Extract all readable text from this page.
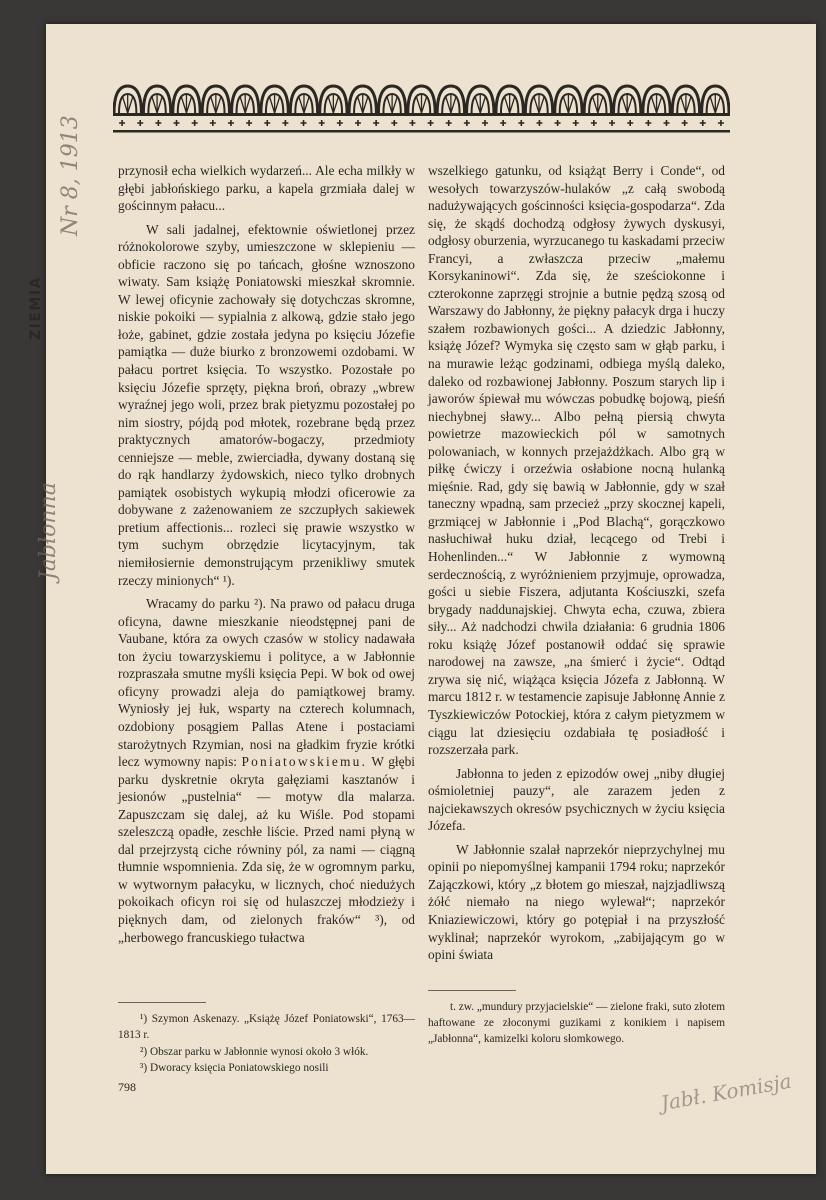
ZIEMIA
Nr 8, 1913
Jabłonna

przynosił echa wielkich wydarzeń... Ale echa milkły w głębi jabłońskiego parku, a kapela grzmiała dalej w gościnnym pałacu...

W sali jadalnej, efektownie oświetlonej przez różnokolorowe szyby, umieszczone w sklepieniu — obficie raczono się po tańcach, głośne wznoszono wiwaty. Sam książę Poniatowski mieszkał skromnie. W lewej oficynie zachowały się dotychczas skromne, niskie pokoiki — sypialnia z alkową, gdzie stało jego łoże, gabinet, gdzie została jedyna po księciu Józefie pamiątka — duże biurko z bronzowemi ozdobami. W pałacu portret księcia. To wszystko. Pozostałe po księciu Józefie sprzęty, piękna broń, obrazy „wbrew wyraźnej jego woli, przez brak pietyzmu pozostałej po nim siostry, pójdą pod młotek, rozebrane będą przez praktycznych amatorów-bogaczy, przedmioty cenniejsze — meble, zwierciadła, dywany dostaną się do rąk handlarzy żydowskich, nieco tylko drobnych pamiątek osobistych wykupią młodzi oficerowie za dobywane z zażenowaniem ze szczupłych sakiewek pretium affectionis... rozleci się prawie wszystko w tym suchym obrzędzie licytacyjnym, tak niemiłosiernie demonstrującym przenikliwy smutek rzeczy minionych“ ¹).

Wracamy do parku ²). Na prawo od pałacu druga oficyna, dawne mieszkanie nieodstępnej pani de Vaubane, która za owych czasów w stolicy nadawała ton życiu towarzyskiemu i polityce, a w Jabłonnie rozpraszała smutne myśli księcia Pepi. W bok od owej oficyny prowadzi aleja do pamiątkowej bramy. Wyniosły jej łuk, wsparty na czterech kolumnach, ozdobiony posągiem Pallas Atene i postaciami starożytnych Rzymian, nosi na gładkim fryzie krótki lecz wymowny napis: Poniatowskiemu. W głębi parku dyskretnie okryta gałęziami kasztanów i jesionów „pustelnia“ — motyw dla malarza. Zapuszczam się dalej, aż ku Wiśle. Pod stopami szeleszczą opadłe, zeschłe liście. Przed nami płyną w dal przejrzystą ciche równiny pól, za nami — ciągną tłumnie wspomnienia. Zda się, że w ogromnym parku, w wytwornym pałacyku, w licznych, choć niedużych pokoikach oficyn roi się od hulaszczej młodzieży i pięknych dam, od zielonych fraków“ ³), od „herbowego francuskiego tułactwa

wszelkiego gatunku, od książąt Berry i Conde“, od wesołych towarzyszów-hulaków „z całą swobodą nadużywających gościnności księcia-gospodarza“. Zda się, że skądś dochodzą odgłosy żywych dyskusyi, odgłosy oburzenia, wyrzucanego tu kaskadami przeciw Francyi, a zwłaszcza przeciw „małemu Korsykaninowi“. Zda się, że sześciokonne i czterokonne zaprzęgi strojnie a butnie pędzą szosą od Warszawy do Jabłonny, że piękny pałacyk drga i huczy szałem rozbawionych gości... A dziedzic Jabłonny, książę Józef? Wymyka się często sam w głąb parku, i na murawie leżąc godzinami, odbiega myślą daleko, daleko od rozbawionej Jabłonny. Poszum starych lip i jaworów śpiewał mu wówczas pobudkę bojową, pieśń niechybnej sławy... Albo pełną piersią chwyta powietrze mazowieckich pól w samotnych polowaniach, w konnych przejażdżkach. Albo grą w piłkę ćwiczy i orzeźwia osłabione nocną hulanką mięśnie. Rad, gdy się bawią w Jabłonnie, gdy w szał taneczny wpadną, sam przecież „przy skocznej kapeli, grzmiącej w Jabłonnie i „Pod Blachą“, gorączkowo nasłuchiwał huku dział, lecącego od Trebi i Hohenlinden...“ W Jabłonnie z wymowną serdecznością, z wyróżnieniem przyjmuje, oprowadza, gości u siebie Fiszera, adjutanta Kościuszki, szefa brygady naddunajskiej. Chwyta echa, czuwa, zbiera siły... Aż nadchodzi chwila działania: 6 grudnia 1806 roku książę Józef postanowił oddać się sprawie narodowej na zawsze, „na śmierć i życie“. Odtąd zrywa się nić, wiążąca księcia Józefa z Jabłonną. W marcu 1812 r. w testamencie zapisuje Jabłonnę Annie z Tyszkiewiczów Potockiej, która z całym pietyzmem w ciągu lat dziesięciu ozdabiała tę posiadłość i rozszerzała park.

Jabłonna to jeden z epizodów owej „niby długiej ośmioletniej pauzy“, ale zarazem jeden z najciekawszych okresów psychicznych w życiu księcia Józefa.

W Jabłonnie szalał naprzekór nieprzychylnej mu opinii po niepomyślnej kampanii 1794 roku; naprzekór Zajączkowi, który „z błotem go mieszał, najzjadliwszą żółć niemało na niego wylewał“; naprzekór Kniaziewiczowi, który go potępiał i na przyszłość wyklinał; naprzekór wyrokom, „zabijającym go w opini świata

¹) Szymon Askenazy. „Książę Józef Poniatowski“, 1763—1813 r.

²) Obszar parku w Jabłonnie wynosi około 3 włók.

³) Dworacy księcia Poniatowskiego nosili

t. zw. „mundury przyjacielskie“ — zielone fraki, suto złotem haftowane ze złoconymi guzikami z konikiem i napisem „Jabłonna“, kamizelki koloru słomkowego.

798	Jabł. Komisja
